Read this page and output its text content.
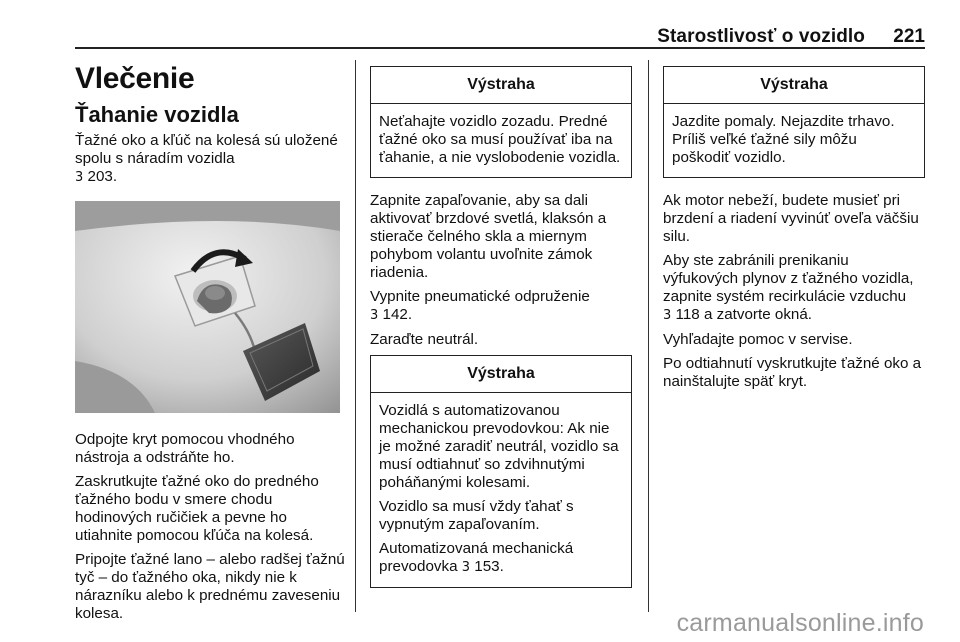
Starostlivosť o vozidlo 221
Vlečenie
Ťahanie vozidla

Ťažné oko a kľúč na kolesá sú uložené spolu s náradím vozidla
3 203.

Odpojte kryt pomocou vhodného nástroja a odstráňte ho.

Zaskrutkujte ťažné oko do predného ťažného bodu v smere chodu hodinových ručičiek a pevne ho utiahnite pomocou kľúča na kolesá.

Pripojte ťažné lano – alebo radšej ťažnú tyč – do ťažného oka, nikdy nie k nárazníku alebo k prednému zaveseniu kolesa.

Výstraha

Neťahajte vozidlo zozadu. Predné ťažné oko sa musí používať iba na ťahanie, a nie vyslobodenie vozidla.

Zapnite zapaľovanie, aby sa dali aktivovať brzdové svetlá, klaksón a stierače čelného skla a miernym pohybom volantu uvoľnite zámok riadenia.

Vypnite pneumatické odpruženie
3 142.

Zaraďte neutrál.

Výstraha

Vozidlá s automatizovanou mechanickou prevodovkou: Ak nie je možné zaradiť neutrál, vozidlo sa musí odtiahnuť so zdvihnutými poháňanými kolesami.

Vozidlo sa musí vždy ťahať s vypnutým zapaľovaním.

Automatizovaná mechanická prevodovka 3 153.

Výstraha

Jazdite pomaly. Nejazdite trhavo. Príliš veľké ťažné sily môžu poškodiť vozidlo.

Ak motor nebeží, budete musieť pri brzdení a riadení vyvinúť oveľa väčšiu silu.

Aby ste zabránili prenikaniu výfukových plynov z ťažného vozidla, zapnite systém recirkulácie vzduchu
3 118 a zatvorte okná.

Vyhľadajte pomoc v servise.

Po odtiahnutí vyskrutkujte ťažné oko a nainštalujte späť kryt.

carmanualsonline.info
